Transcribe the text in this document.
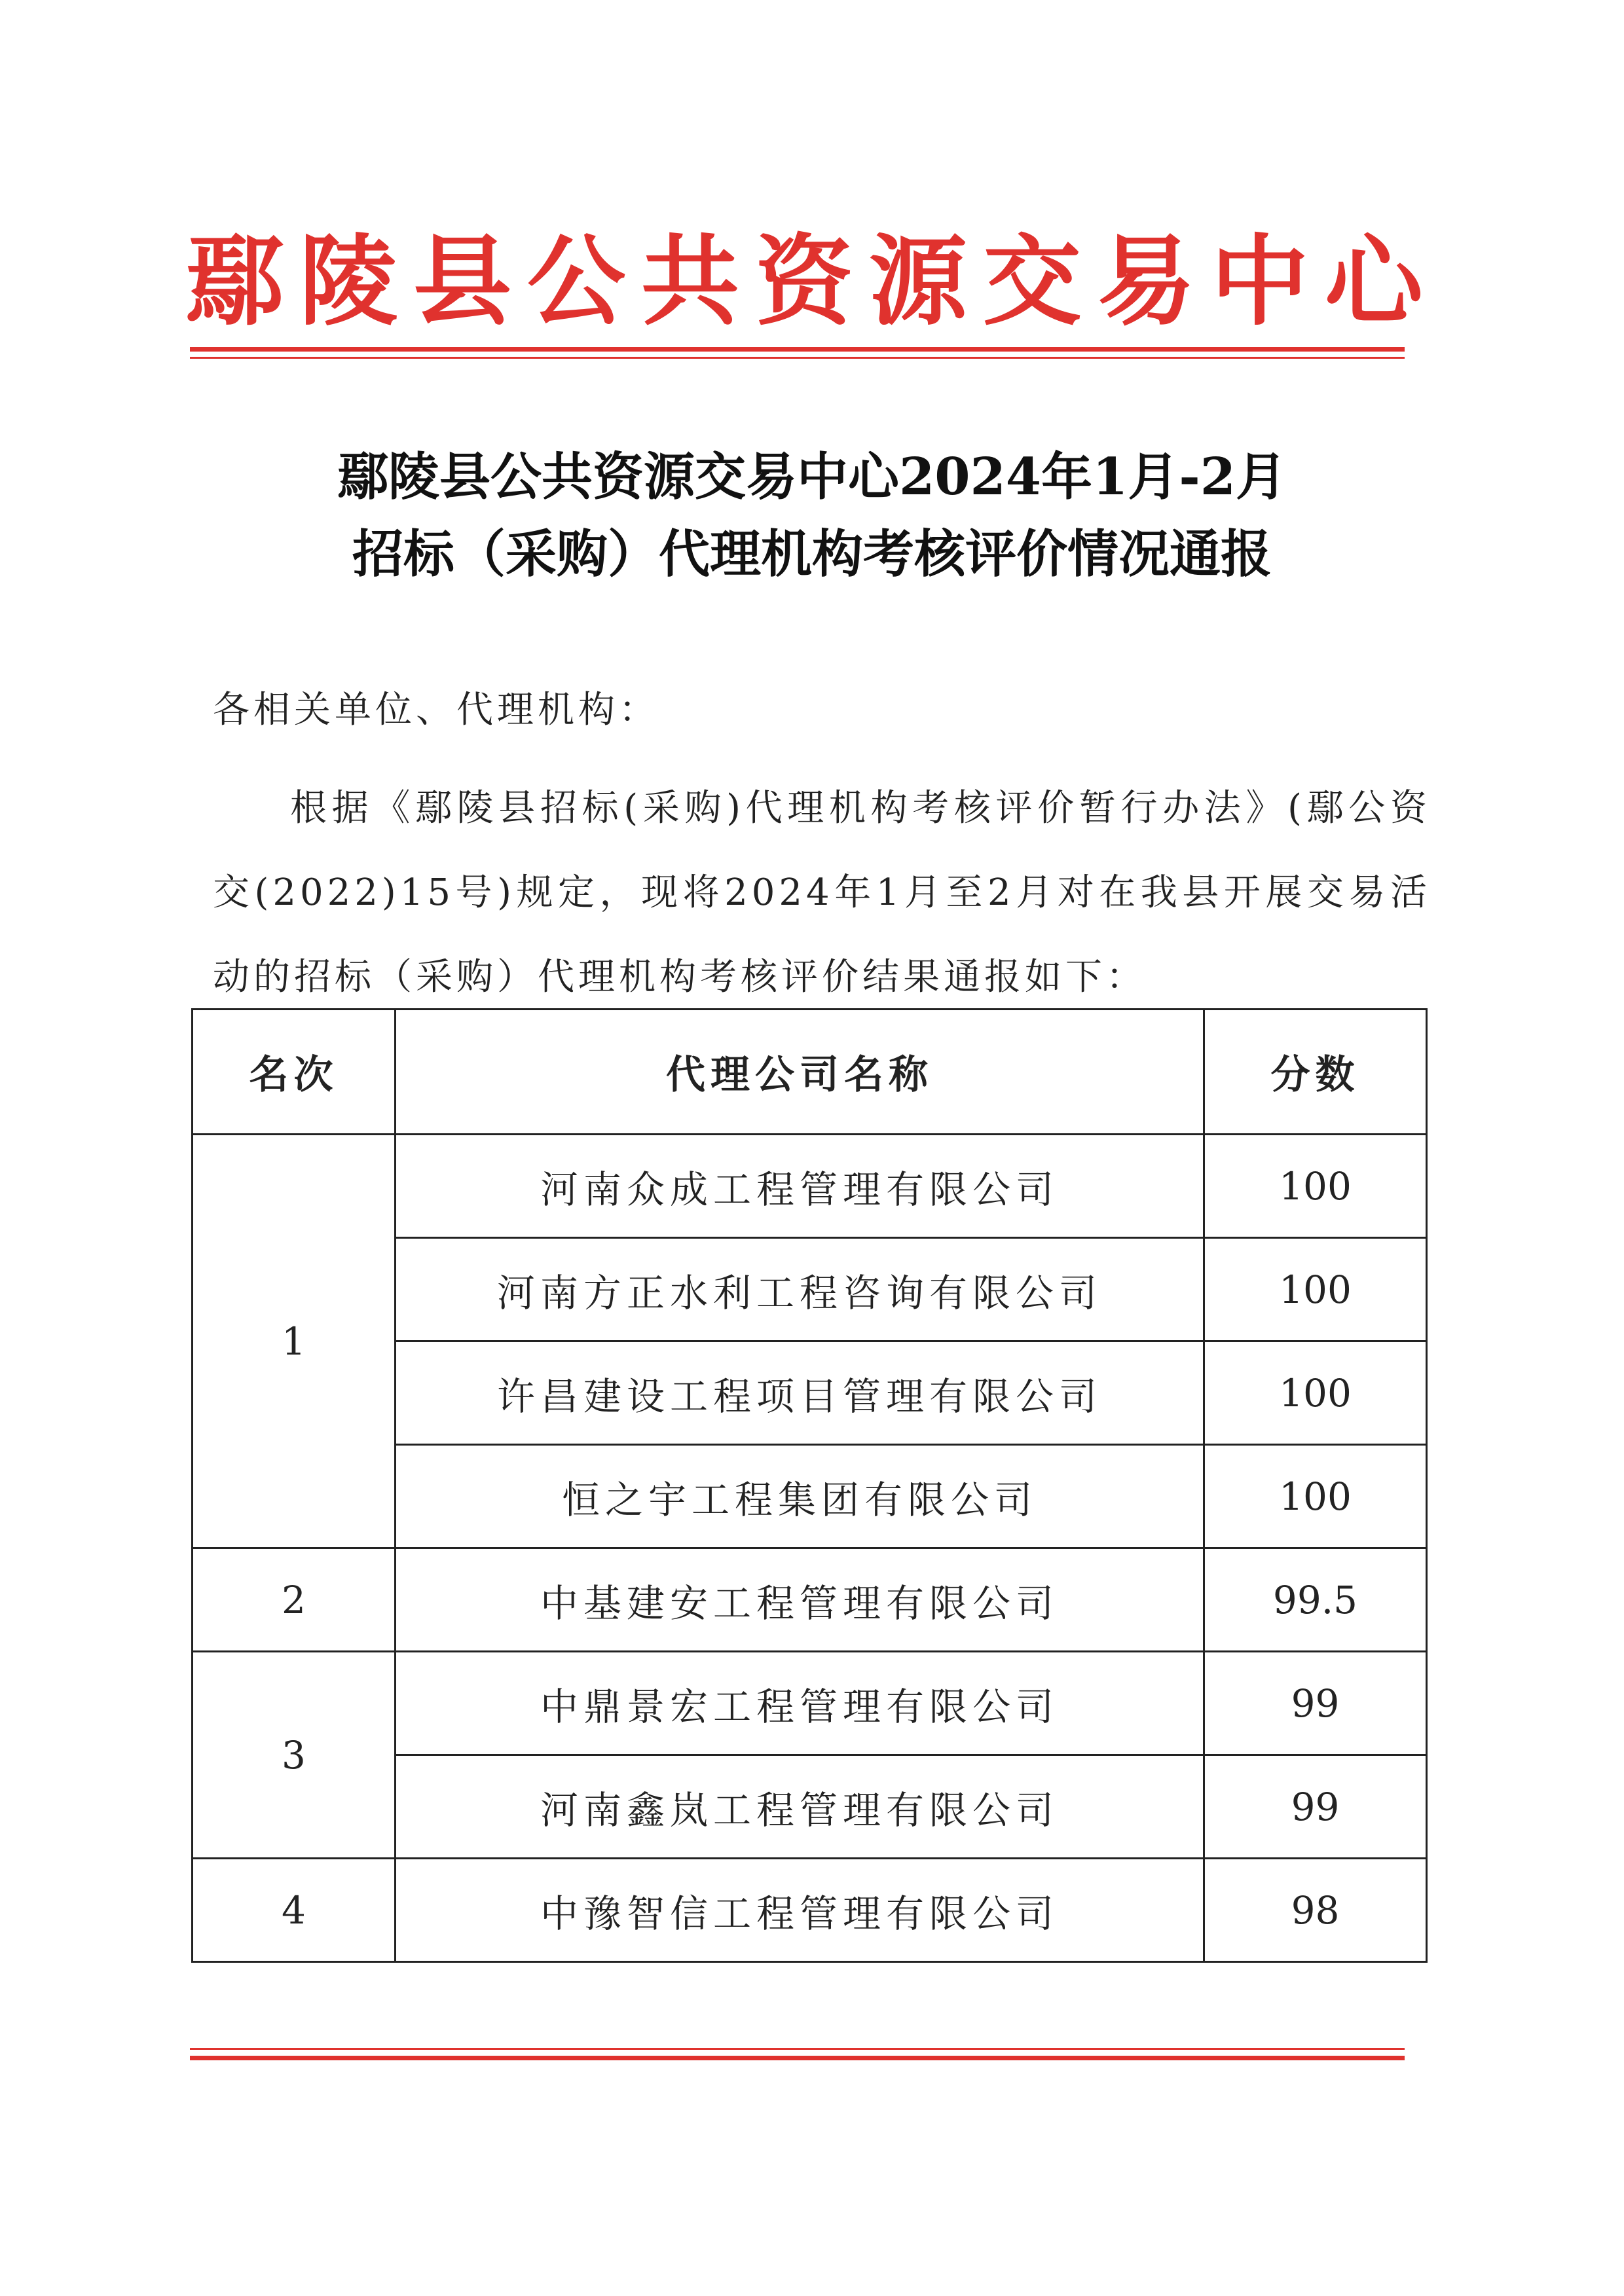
鄢陵县公共资源交易中心
鄢陵县公共资源交易中心2024年1月-2月
招标（采购）代理机构考核评价情况通报
各相关单位、代理机构：
根据《鄢陵县招标(采购)代理机构考核评价暂行办法》(鄢公资交(2022)15号)规定，现将2024年1月至2月对在我县开展交易活动的招标（采购）代理机构考核评价结果通报如下：
名次	代理公司名称	分数
1	河南众成工程管理有限公司	100
	河南方正水利工程咨询有限公司	100
	许昌建设工程项目管理有限公司	100
	恒之宇工程集团有限公司	100
2	中基建安工程管理有限公司	99.5
3	中鼎景宏工程管理有限公司	99
	河南鑫岚工程管理有限公司	99
4	中豫智信工程管理有限公司	98
